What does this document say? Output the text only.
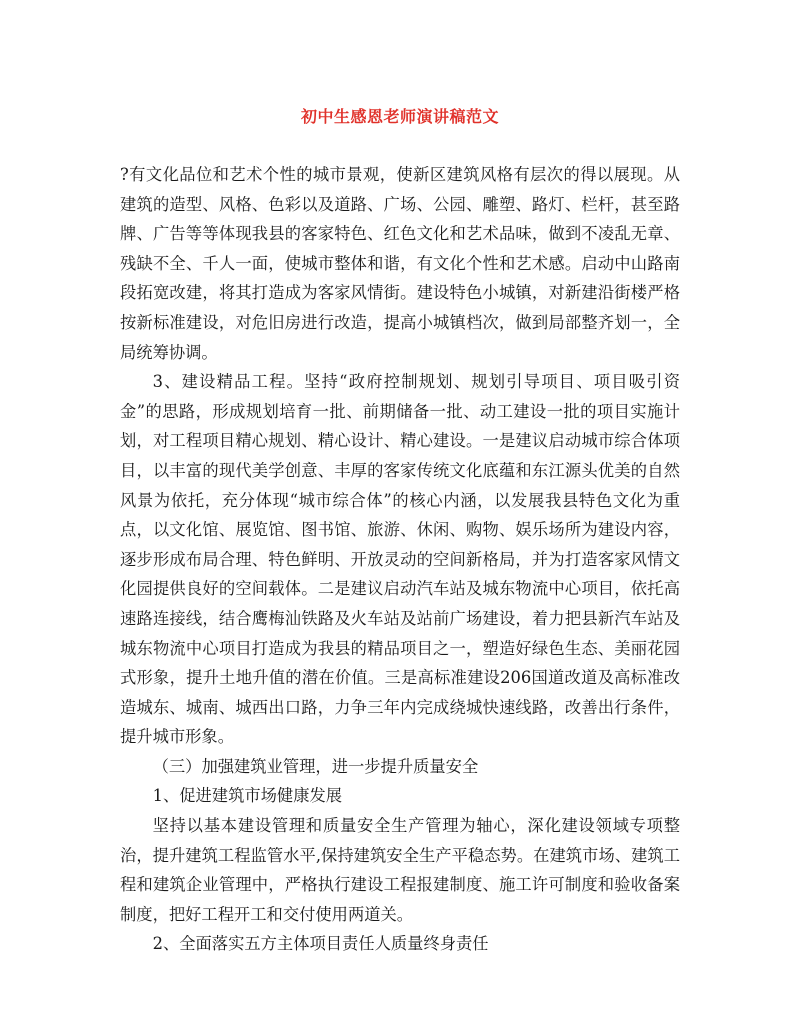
初中生感恩老师演讲稿范文

?有文化品位和艺术个性的城市景观，使新区建筑风格有层次的得以展现。从建筑的造型、风格、色彩以及道路、广场、公园、雕塑、路灯、栏杆，甚至路牌、广告等等体现我县的客家特色、红色文化和艺术品味，做到不凌乱无章、残缺不全、千人一面，使城市整体和谐，有文化个性和艺术感。启动中山路南段拓宽改建，将其打造成为客家风情街。建设特色小城镇，对新建沿街楼严格按新标准建设，对危旧房进行改造，提高小城镇档次，做到局部整齐划一，全局统筹协调。

3、建设精品工程。坚持“政府控制规划、规划引导项目、项目吸引资金”的思路，形成规划培育一批、前期储备一批、动工建设一批的项目实施计划，对工程项目精心规划、精心设计、精心建设。一是建议启动城市综合体项目，以丰富的现代美学创意、丰厚的客家传统文化底蕴和东江源头优美的自然风景为依托，充分体现“城市综合体”的核心内涵，以发展我县特色文化为重点，以文化馆、展览馆、图书馆、旅游、休闲、购物、娱乐场所为建设内容，逐步形成布局合理、特色鲜明、开放灵动的空间新格局，并为打造客家风情文化园提供良好的空间载体。二是建议启动汽车站及城东物流中心项目，依托高速路连接线，结合鹰梅汕铁路及火车站及站前广场建设，着力把县新汽车站及城东物流中心项目打造成为我县的精品项目之一，塑造好绿色生态、美丽花园式形象，提升土地升值的潜在价值。三是高标准建设206国道改道及高标准改造城东、城南、城西出口路，力争三年内完成绕城快速线路，改善出行条件，提升城市形象。

（三）加强建筑业管理，进一步提升质量安全

1、促进建筑市场健康发展

坚持以基本建设管理和质量安全生产管理为轴心，深化建设领域专项整治，提升建筑工程监管水平,保持建筑安全生产平稳态势。在建筑市场、建筑工程和建筑企业管理中，严格执行建设工程报建制度、施工许可制度和验收备案制度，把好工程开工和交付使用两道关。

2、全面落实五方主体项目责任人质量终身责任
